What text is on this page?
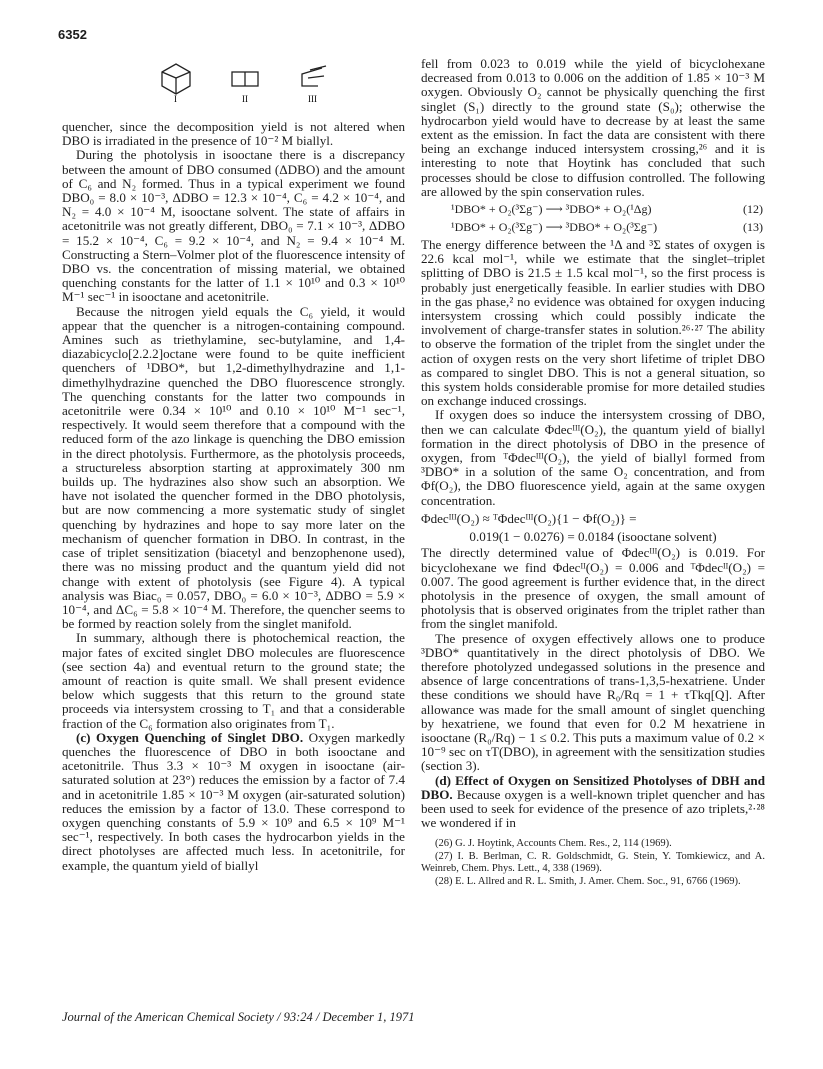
6352
I	II	III

quencher, since the decomposition yield is not altered when DBO is irradiated in the presence of 10⁻² M biallyl.

During the photolysis in isooctane there is a discrepancy between the amount of DBO consumed (ΔDBO) and the amount of C₆ and N₂ formed. Thus in a typical experiment we found DBO₀ = 8.0 × 10⁻³, ΔDBO = 12.3 × 10⁻⁴, C₆ = 4.2 × 10⁻⁴, and N₂ = 4.0 × 10⁻⁴ M, isooctane solvent. The state of affairs in acetonitrile was not greatly different, DBO₀ = 7.1 × 10⁻³, ΔDBO = 15.2 × 10⁻⁴, C₆ = 9.2 × 10⁻⁴, and N₂ = 9.4 × 10⁻⁴ M. Constructing a Stern–Volmer plot of the fluorescence intensity of DBO vs. the concentration of missing material, we obtained quenching constants for the latter of 1.1 × 10¹⁰ and 0.3 × 10¹⁰ M⁻¹ sec⁻¹ in isooctane and acetonitrile.

Because the nitrogen yield equals the C₆ yield, it would appear that the quencher is a nitrogen-containing compound. Amines such as triethylamine, sec-butylamine, and 1,4-diazabicyclo[2.2.2]octane were found to be quite inefficient quenchers of ¹DBO*, but 1,2-dimethylhydrazine and 1,1-dimethylhydrazine quenched the DBO fluorescence strongly. The quenching constants for the latter two compounds in acetonitrile were 0.34 × 10¹⁰ and 0.10 × 10¹⁰ M⁻¹ sec⁻¹, respectively. It would seem therefore that a compound with the reduced form of the azo linkage is quenching the DBO emission in the direct photolysis. Furthermore, as the photolysis proceeds, a structureless absorption starting at approximately 300 nm builds up. The hydrazines also show such an absorption. We have not isolated the quencher formed in the DBO photolysis, but are now commencing a more systematic study of singlet quenching by hydrazines and hope to say more later on the mechanism of quencher formation in DBO. In contrast, in the case of triplet sensitization (biacetyl and benzophenone used), there was no missing product and the quantum yield did not change with extent of photolysis (see Figure 4). A typical analysis was Biac₀ = 0.057, DBO₀ = 6.0 × 10⁻³, ΔDBO = 5.9 × 10⁻⁴, and ΔC₆ = 5.8 × 10⁻⁴ M. Therefore, the quencher seems to be formed by reaction solely from the singlet manifold.

In summary, although there is photochemical reaction, the major fates of excited singlet DBO molecules are fluorescence (see section 4a) and eventual return to the ground state; the amount of reaction is quite small. We shall present evidence below which suggests that this return to the ground state proceeds via intersystem crossing to T₁ and that a considerable fraction of the C₆ formation also originates from T₁.

(c) Oxygen Quenching of Singlet DBO. Oxygen markedly quenches the fluorescence of DBO in both isooctane and acetonitrile. Thus 3.3 × 10⁻³ M oxygen in isooctane (air-saturated solution at 23°) reduces the emission by a factor of 7.4 and in acetonitrile 1.85 × 10⁻³ M oxygen (air-saturated solution) reduces the emission by a factor of 13.0. These correspond to oxygen quenching constants of 5.9 × 10⁹ and 6.5 × 10⁹ M⁻¹ sec⁻¹, respectively. In both cases the hydrocarbon yields in the direct photolyses are affected much less. In acetonitrile, for example, the quantum yield of biallyl

fell from 0.023 to 0.019 while the yield of bicyclohexane decreased from 0.013 to 0.006 on the addition of 1.85 × 10⁻³ M oxygen. Obviously O₂ cannot be physically quenching the first singlet (S₁) directly to the ground state (S₀); otherwise the hydrocarbon yield would have to decrease by at least the same extent as the emission. In fact the data are consistent with there being an exchange induced intersystem crossing,²⁶ and it is interesting to note that Hoytink has concluded that such processes should be close to diffusion controlled. The following are allowed by the spin conservation rules.

¹DBO* + O₂(³Σg⁻) ⟶ ³DBO* + O₂(¹Δg)	(12)
¹DBO* + O₂(³Σg⁻) ⟶ ³DBO* + O₂(³Σg⁻)	(13)

The energy difference between the ¹Δ and ³Σ states of oxygen is 22.6 kcal mol⁻¹, while we estimate that the singlet–triplet splitting of DBO is 21.5 ± 1.5 kcal mol⁻¹, so the first process is probably just energetically feasible. In earlier studies with DBO in the gas phase,² no evidence was obtained for oxygen inducing intersystem crossing which could possibly indicate the involvement of charge-transfer states in solution.²⁶·²⁷ The ability to observe the formation of the triplet from the singlet under the action of oxygen rests on the very short lifetime of triplet DBO as compared to singlet DBO. This is not a general situation, so this system holds considerable promise for more detailed studies on exchange induced crossings.

If oxygen does so induce the intersystem crossing of DBO, then we can calculate Φdecᴵᴵᴵ(O₂), the quantum yield of biallyl formation in the direct photolysis of DBO in the presence of oxygen, from ᵀΦdecᴵᴵᴵ(O₂), the yield of biallyl formed from ³DBO* in a solution of the same O₂ concentration, and from Φf(O₂), the DBO fluorescence yield, again at the same oxygen concentration.

Φdecᴵᴵᴵ(O₂) ≈ ᵀΦdecᴵᴵᴵ(O₂){1 − Φf(O₂)} =

0.019(1 − 0.0276) = 0.0184 (isooctane solvent)

The directly determined value of Φdecᴵᴵᴵ(O₂) is 0.019. For bicyclohexane we find Φdecᴵᴵ(O₂) = 0.006 and ᵀΦdecᴵᴵ(O₂) = 0.007. The good agreement is further evidence that, in the direct photolysis in the presence of oxygen, the small amount of photolysis that is observed originates from the triplet rather than from the singlet manifold.

The presence of oxygen effectively allows one to produce ³DBO* quantitatively in the direct photolysis of DBO. We therefore photolyzed undegassed solutions in the presence and absence of large concentrations of trans-1,3,5-hexatriene. Under these conditions we should have R₀/Rq = 1 + τTkq[Q]. After allowance was made for the small amount of singlet quenching by hexatriene, we found that even for 0.2 M hexatriene in isooctane (R₀/Rq) − 1 ≤ 0.2. This puts a maximum value of 0.2 × 10⁻⁹ sec on τT(DBO), in agreement with the sensitization studies (section 3).

(d) Effect of Oxygen on Sensitized Photolyses of DBH and DBO. Because oxygen is a well-known triplet quencher and has been used to seek for evidence of the presence of azo triplets,²·²⁸ we wondered if in

(26) G. J. Hoytink, Accounts Chem. Res., 2, 114 (1969).

(27) I. B. Berlman, C. R. Goldschmidt, G. Stein, Y. Tomkiewicz, and A. Weinreb, Chem. Phys. Lett., 4, 338 (1969).

(28) E. L. Allred and R. L. Smith, J. Amer. Chem. Soc., 91, 6766 (1969).

Journal of the American Chemical Society / 93:24 / December 1, 1971
